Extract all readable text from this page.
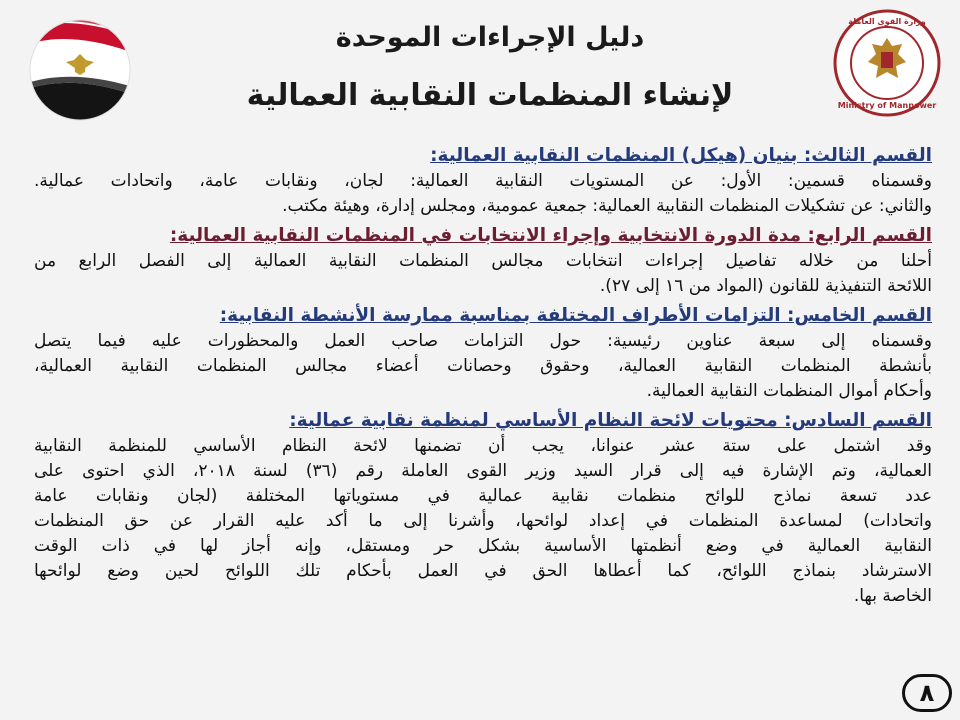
Ministry of Manpower
وزارة القوى العاملة
دليل الإجراءات الموحدة
لإنشاء المنظمات النقابية العمالية
القسم الثالث: بنيان (هيكل) المنظمات النقابية العمالية:
وقسمناه قسمين: الأول: عن المستويات النقابية العمالية: لجان، ونقابات عامة، واتحادات عمالية.
والثاني: عن تشكيلات المنظمات النقابية العمالية: جمعية عمومية، ومجلس إدارة، وهيئة مكتب.
القسم الرابع: مدة الدورة الانتخابية وإجراء الانتخابات في المنظمات النقابية العمالية:
أحلنا من خلاله تفاصيل إجراءات انتخابات مجالس المنظمات النقابية العمالية إلى الفصل الرابع من
اللائحة التنفيذية للقانون (المواد من ١٦ إلى ٢٧).
القسم الخامس: التزامات الأطراف المختلفة بمناسبة ممارسة الأنشطة النقابية:
وقسمناه إلى سبعة عناوين رئيسية: حول التزامات صاحب العمل والمحظورات عليه فيما يتصل
بأنشطة المنظمات النقابية العمالية، وحقوق وحصانات أعضاء مجالس المنظمات النقابية العمالية،
وأحكام أموال المنظمات النقابية العمالية.
القسم السادس: محتويات لائحة النظام الأساسي لمنظمة نقابية عمالية:
وقد اشتمل على ستة عشر عنوانا، يجب أن تضمنها لائحة النظام الأساسي للمنظمة النقابية
العمالية، وتم الإشارة فيه إلى قرار السيد وزير القوى العاملة رقم (٣٦) لسنة ٢٠١٨، الذي احتوى على
عدد تسعة نماذج للوائح منظمات نقابية عمالية في مستوياتها المختلفة (لجان ونقابات عامة
واتحادات) لمساعدة المنظمات في إعداد لوائحها، وأشرنا إلى ما أكد عليه القرار عن حق المنظمات
النقابية العمالية في وضع أنظمتها الأساسية بشكل حر ومستقل، وإنه أجاز لها في ذات الوقت
الاسترشاد بنماذج اللوائح، كما أعطاها الحق في العمل بأحكام تلك اللوائح لحين وضع لوائحها
الخاصة بها.
٨
